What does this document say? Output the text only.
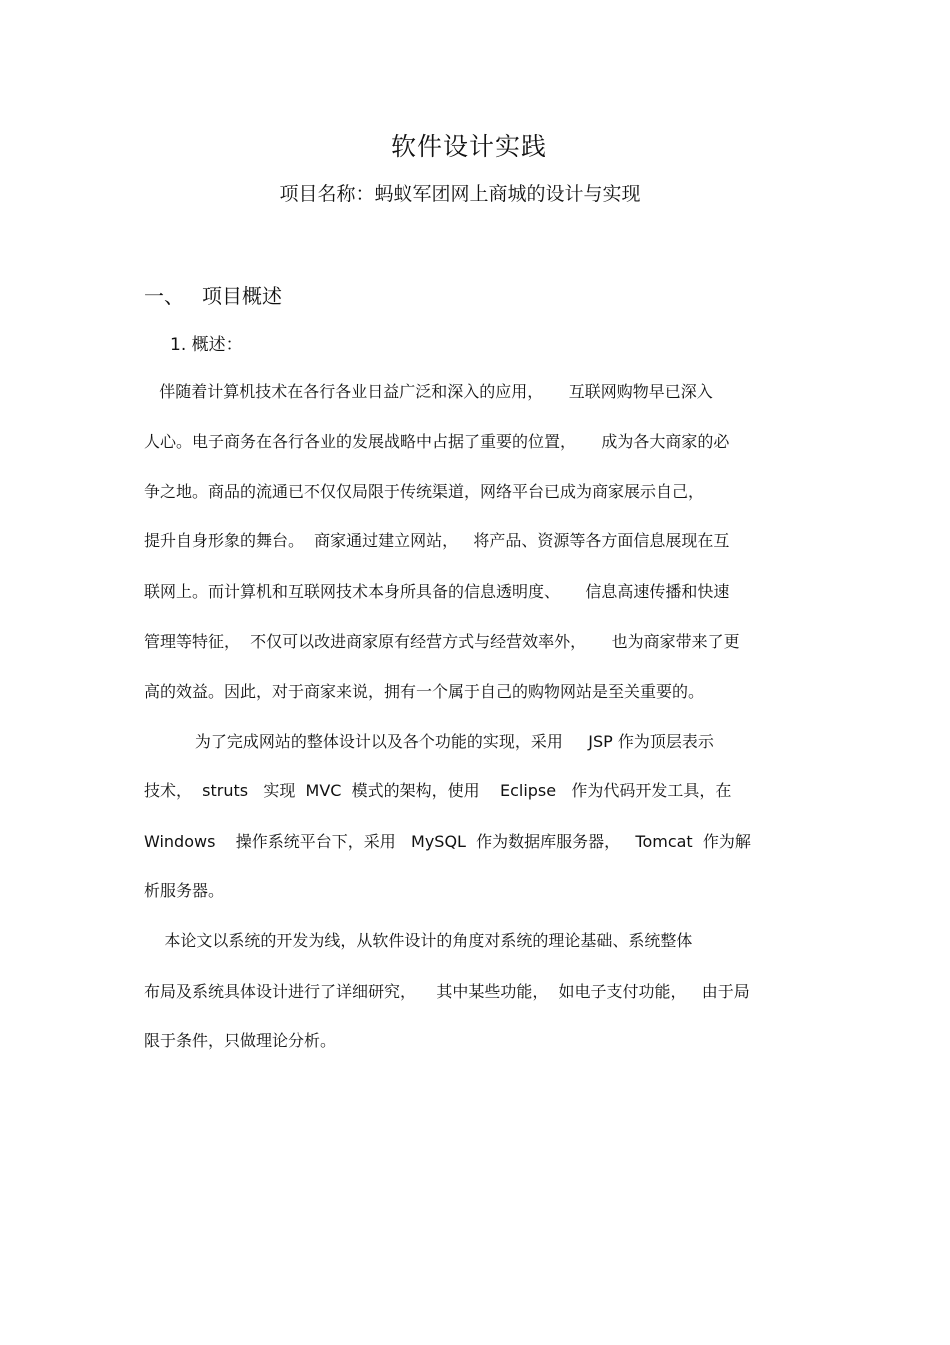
软件设计实践
项目名称：蚂蚁军团网上商城的设计与实现
一、 项目概述
1. 概述：
伴随着计算机技术在各行各业日益广泛和深入的应用，     互联网购物早已深入
人心。电子商务在各行各业的发展战略中占据了重要的位置，     成为各大商家的必
争之地。商品的流通已不仅仅局限于传统渠道，网络平台已成为商家展示自己，
提升自身形象的舞台。  商家通过建立网站，   将产品、资源等各方面信息展现在互
联网上。而计算机和互联网技术本身所具备的信息透明度、     信息高速传播和快速
管理等特征，  不仅可以改进商家原有经营方式与经营效率外，     也为商家带来了更
高的效益。因此，对于商家来说，拥有一个属于自己的购物网站是至关重要的。
为了完成网站的整体设计以及各个功能的实现，采用     JSP 作为顶层表示
技术，  struts   实现  MVC  模式的架构，使用    Eclipse   作为代码开发工具，在
Windows    操作系统平台下，采用   MySQL  作为数据库服务器，   Tomcat  作为解
析服务器。
本论文以系统的开发为线，从软件设计的角度对系统的理论基础、系统整体
布局及系统具体设计进行了详细研究，    其中某些功能，  如电子支付功能，   由于局
限于条件，只做理论分析。
